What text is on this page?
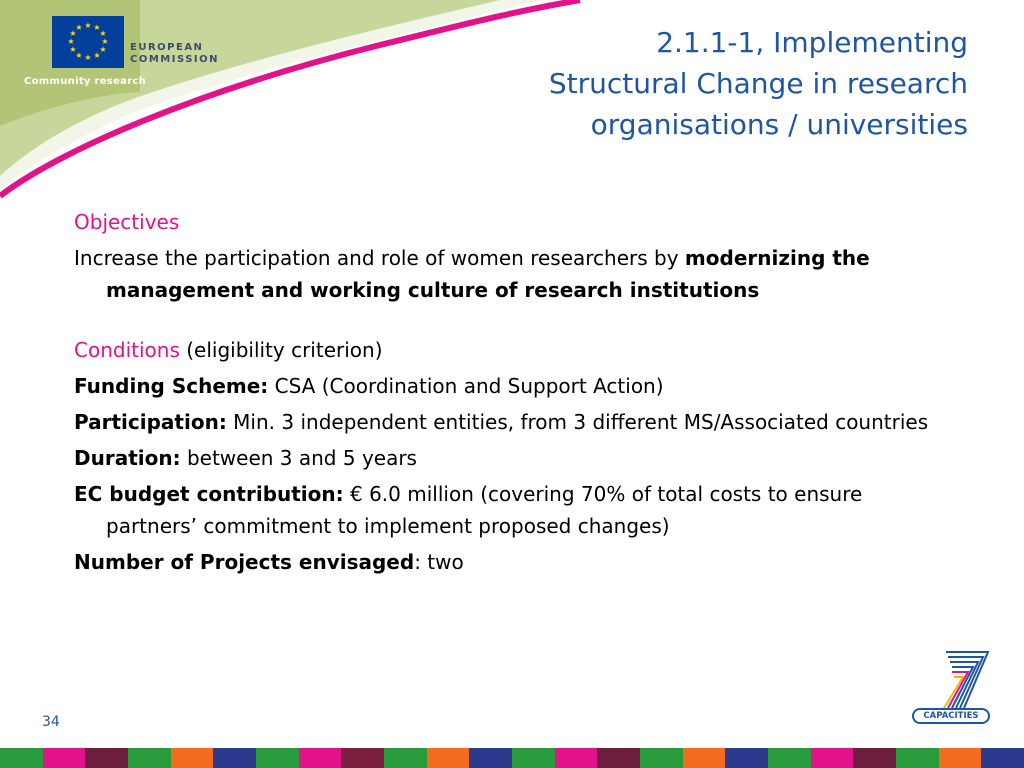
★ ★
★
★
★
★
★
★
★
★
★
★
EUROPEAN
COMMISSION
Community research
2.1.1-1, Implementing
Structural Change in research
organisations / universities

Objectives

Increase the participation and role of women researchers by modernizing the management and working culture of research institutions

Conditions (eligibility criterion)

Funding Scheme: CSA (Coordination and Support Action)

Participation: Min. 3 independent entities, from 3 different MS/Associated countries

Duration: between 3 and 5 years

EC budget contribution: € 6.0 million (covering 70% of total costs to ensure partners’ commitment to implement proposed changes)

Number of Projects envisaged: two

34	CAPACITIES
